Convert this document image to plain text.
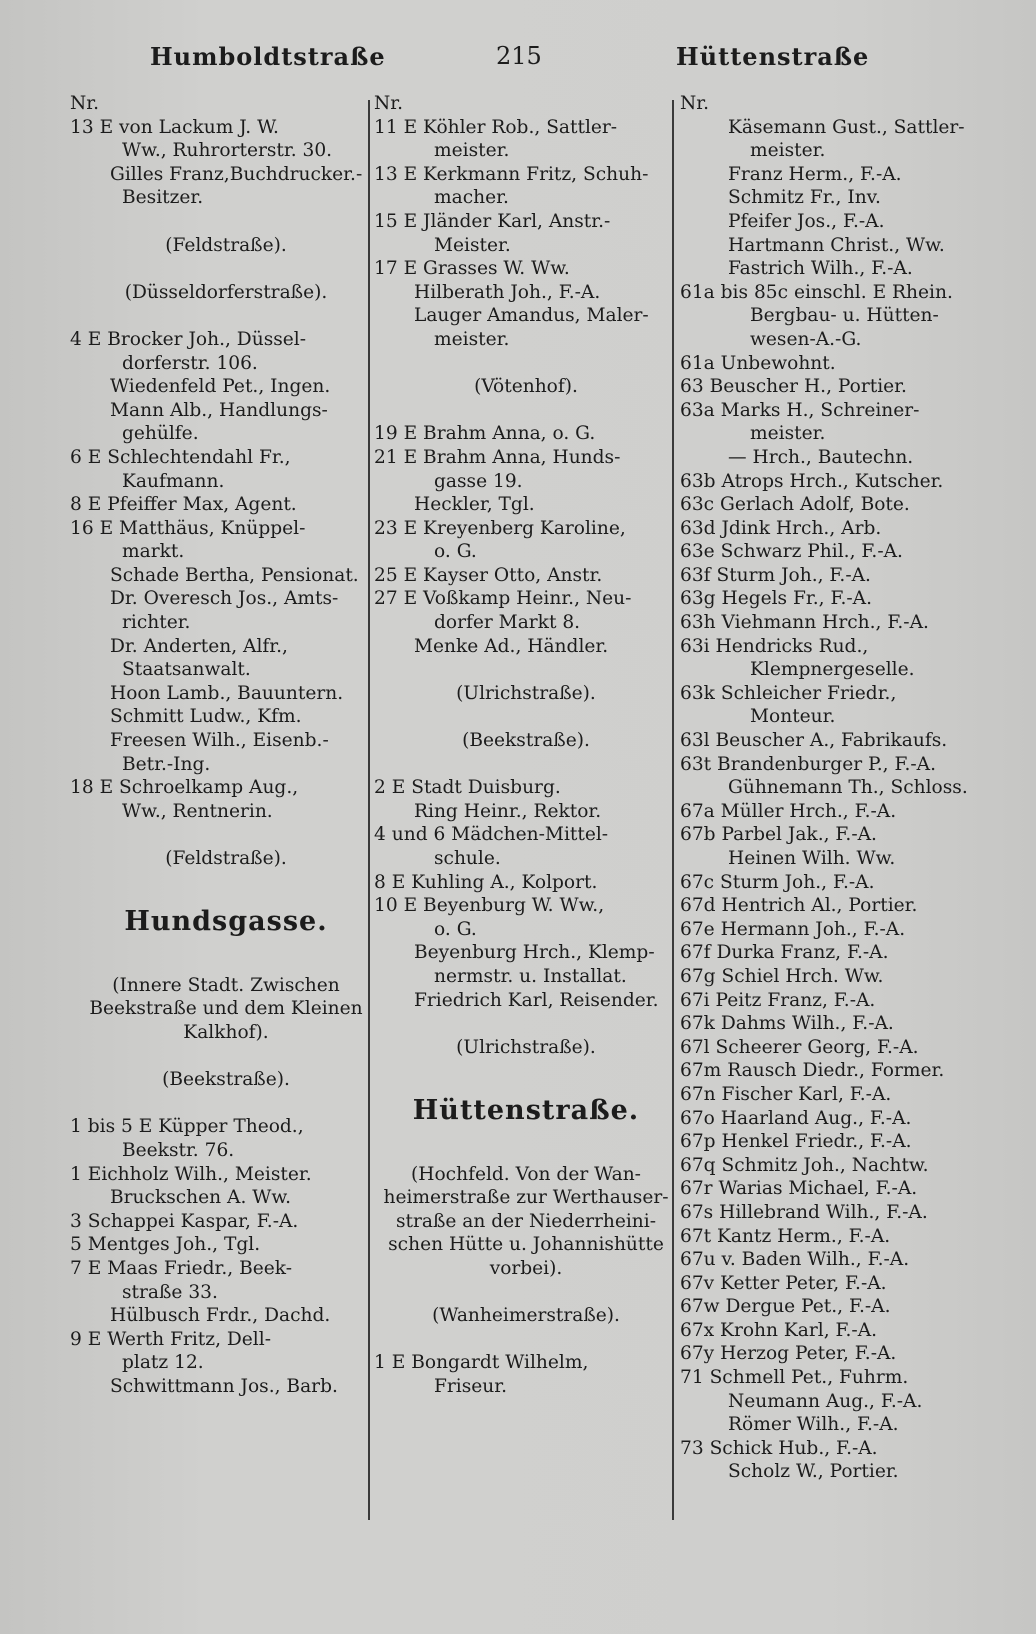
Humboldtstraße	215	Hüttenstraße
Nr.
13 E von Lackum J. W.
Ww., Ruhrorterstr. 30.
Gilles Franz,Buchdrucker.-
Besitzer.
(Feldstraße).
(Düsseldorferstraße).
4 E Brocker Joh., Düssel-
dorferstr. 106.
Wiedenfeld Pet., Ingen.
Mann Alb., Handlungs-
gehülfe.
6 E Schlechtendahl Fr.,
Kaufmann.
8 E Pfeiffer Max, Agent.
16 E Matthäus, Knüppel-
markt.
Schade Bertha, Pensionat.
Dr. Overesch Jos., Amts-
richter.
Dr. Anderten, Alfr.,
Staatsanwalt.
Hoon Lamb., Bauuntern.
Schmitt Ludw., Kfm.
Freesen Wilh., Eisenb.-
Betr.-Ing.
18 E Schroelkamp Aug.,
Ww., Rentnerin.
(Feldstraße).
Hundsgasse.
(Innere Stadt. Zwischen
Beekstraße und dem Kleinen
Kalkhof).
(Beekstraße).
1 bis 5 E Küpper Theod.,
Beekstr. 76.
1 Eichholz Wilh., Meister.
Bruckschen A. Ww.
3 Schappei Kaspar, F.-A.
5 Mentges Joh., Tgl.
7 E Maas Friedr., Beek-
straße 33.
Hülbusch Frdr., Dachd.
9 E Werth Fritz, Dell-
platz 12.
Schwittmann Jos., Barb.
Nr.
11 E Köhler Rob., Sattler-
meister.
13 E Kerkmann Fritz, Schuh-
macher.
15 E Jländer Karl, Anstr.-
Meister.
17 E Grasses W. Ww.
Hilberath Joh., F.-A.
Lauger Amandus, Maler-
meister.
(Vötenhof).
19 E Brahm Anna, o. G.
21 E Brahm Anna, Hunds-
gasse 19.
Heckler, Tgl.
23 E Kreyenberg Karoline,
o. G.
25 E Kayser Otto, Anstr.
27 E Voßkamp Heinr., Neu-
dorfer Markt 8.
Menke Ad., Händler.
(Ulrichstraße).
(Beekstraße).
2 E Stadt Duisburg.
Ring Heinr., Rektor.
4 und 6 Mädchen-Mittel-
schule.
8 E Kuhling A., Kolport.
10 E Beyenburg W. Ww.,
o. G.
Beyenburg Hrch., Klemp-
nermstr. u. Installat.
Friedrich Karl, Reisender.
(Ulrichstraße).
Hüttenstraße.
(Hochfeld. Von der Wan-
heimerstraße zur Werthauser-
straße an der Niederrheini-
schen Hütte u. Johannishütte
vorbei).
(Wanheimerstraße).
1 E Bongardt Wilhelm,
Friseur.
Nr.
Käsemann Gust., Sattler-
meister.
Franz Herm., F.-A.
Schmitz Fr., Inv.
Pfeifer Jos., F.-A.
Hartmann Christ., Ww.
Fastrich Wilh., F.-A.
61a bis 85c einschl. E Rhein.
Bergbau- u. Hütten-
wesen-A.-G.
61a Unbewohnt.
63 Beuscher H., Portier.
63a Marks H., Schreiner-
meister.
— Hrch., Bautechn.
63b Atrops Hrch., Kutscher.
63c Gerlach Adolf, Bote.
63d Jdink Hrch., Arb.
63e Schwarz Phil., F.-A.
63f Sturm Joh., F.-A.
63g Hegels Fr., F.-A.
63h Viehmann Hrch., F.-A.
63i Hendricks Rud.,
Klempnergeselle.
63k Schleicher Friedr.,
Monteur.
63l Beuscher A., Fabrikaufs.
63t Brandenburger P., F.-A.
Gühnemann Th., Schloss.
67a Müller Hrch., F.-A.
67b Parbel Jak., F.-A.
Heinen Wilh. Ww.
67c Sturm Joh., F.-A.
67d Hentrich Al., Portier.
67e Hermann Joh., F.-A.
67f Durka Franz, F.-A.
67g Schiel Hrch. Ww.
67i Peitz Franz, F.-A.
67k Dahms Wilh., F.-A.
67l Scheerer Georg, F.-A.
67m Rausch Diedr., Former.
67n Fischer Karl, F.-A.
67o Haarland Aug., F.-A.
67p Henkel Friedr., F.-A.
67q Schmitz Joh., Nachtw.
67r Warias Michael, F.-A.
67s Hillebrand Wilh., F.-A.
67t Kantz Herm., F.-A.
67u v. Baden Wilh., F.-A.
67v Ketter Peter, F.-A.
67w Dergue Pet., F.-A.
67x Krohn Karl, F.-A.
67y Herzog Peter, F.-A.
71 Schmell Pet., Fuhrm.
Neumann Aug., F.-A.
Römer Wilh., F.-A.
73 Schick Hub., F.-A.
Scholz W., Portier.
